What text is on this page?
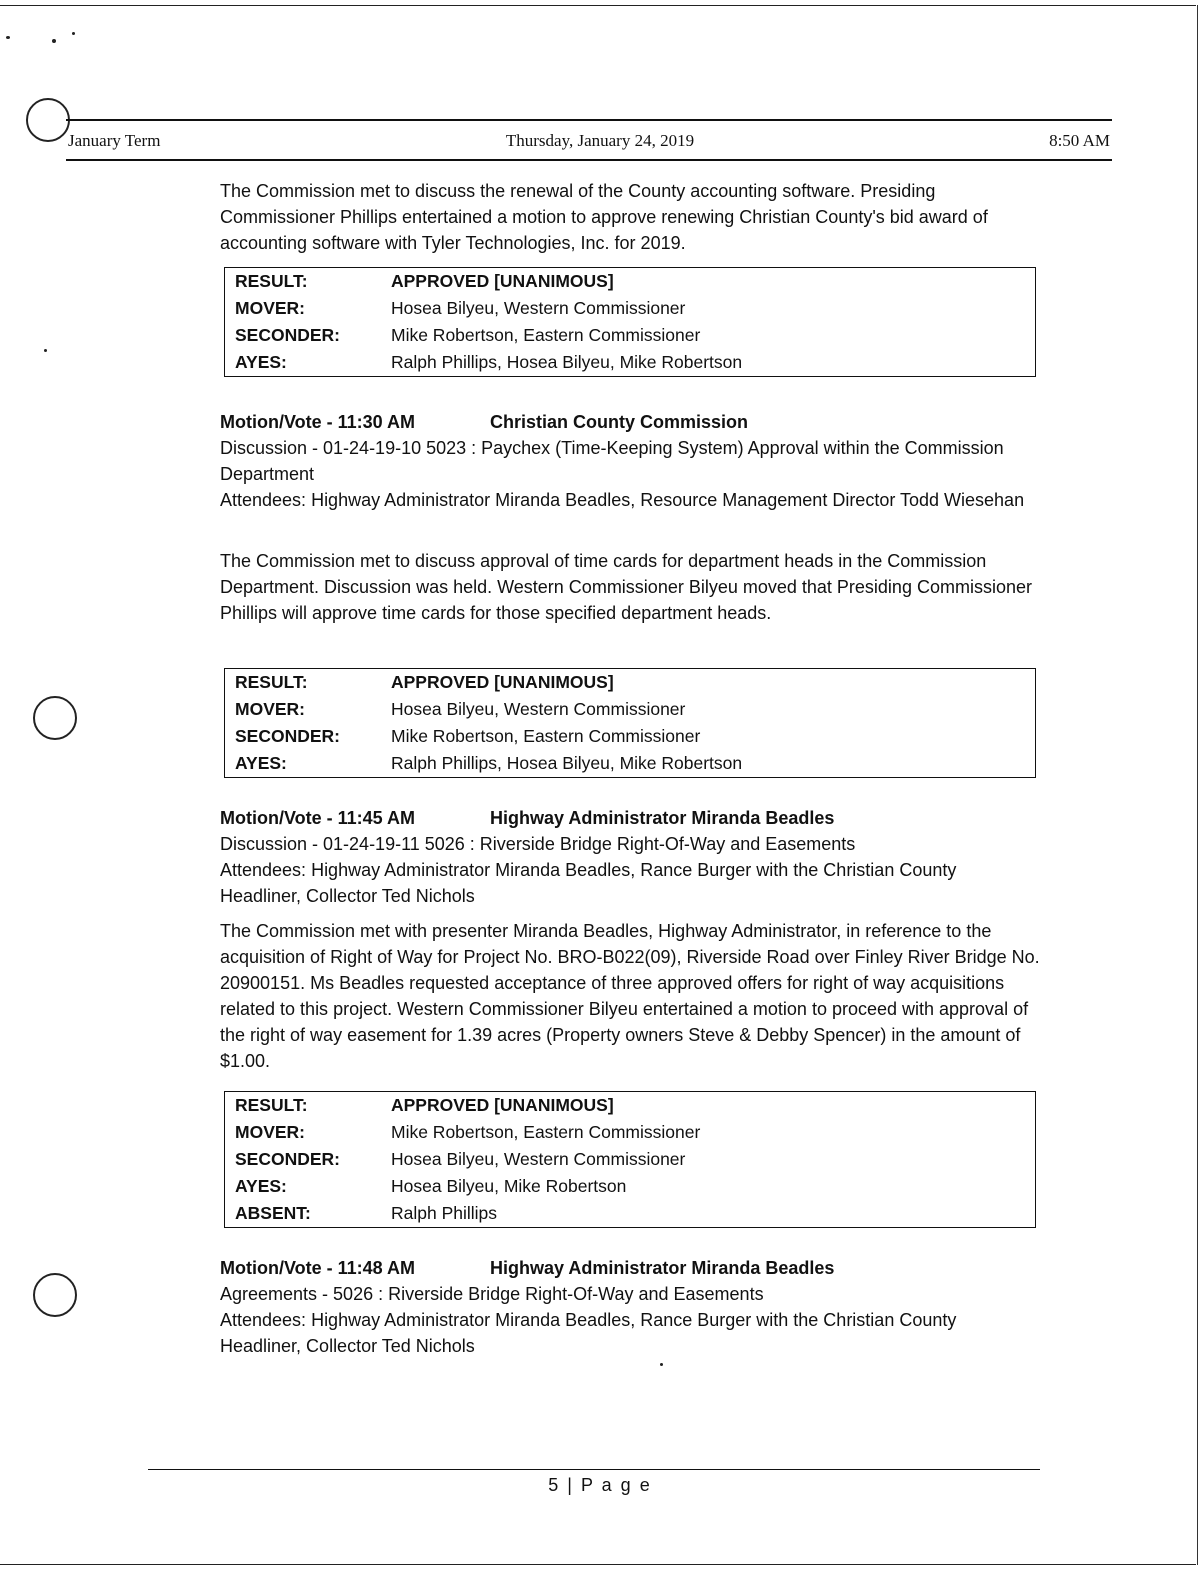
January Term	Thursday, January 24, 2019	8:50 AM

The Commission met to discuss the renewal of the County accounting software. Presiding Commissioner Phillips entertained a motion to approve renewing Christian County's bid award of accounting software with Tyler Technologies, Inc. for 2019.

RESULT:	APPROVED [UNANIMOUS]
MOVER:	Hosea Bilyeu, Western Commissioner
SECONDER:	Mike Robertson, Eastern Commissioner
AYES:	Ralph Phillips, Hosea Bilyeu, Mike Robertson

Motion/Vote - 11:30 AM	Christian County Commission

Discussion - 01-24-19-10 5023 : Paychex (Time-Keeping System) Approval within the Commission Department

Attendees: Highway Administrator Miranda Beadles, Resource Management Director Todd Wiesehan

The Commission met to discuss approval of time cards for department heads in the Commission Department. Discussion was held. Western Commissioner Bilyeu moved that Presiding Commissioner Phillips will approve time cards for those specified department heads.

RESULT:	APPROVED [UNANIMOUS]
MOVER:	Hosea Bilyeu, Western Commissioner
SECONDER:	Mike Robertson, Eastern Commissioner
AYES:	Ralph Phillips, Hosea Bilyeu, Mike Robertson

Motion/Vote - 11:45 AM	Highway Administrator Miranda Beadles

Discussion - 01-24-19-11 5026 : Riverside Bridge Right-Of-Way and Easements

Attendees: Highway Administrator Miranda Beadles, Rance Burger with the Christian County Headliner, Collector Ted Nichols

The Commission met with presenter Miranda Beadles, Highway Administrator, in reference to the acquisition of Right of Way for Project No. BRO-B022(09), Riverside Road over Finley River Bridge No. 20900151. Ms Beadles requested acceptance of three approved offers for right of way acquisitions related to this project. Western Commissioner Bilyeu entertained a motion to proceed with approval of the right of way easement for 1.39 acres (Property owners Steve & Debby Spencer) in the amount of $1.00.

RESULT:	APPROVED [UNANIMOUS]
MOVER:	Mike Robertson, Eastern Commissioner
SECONDER:	Hosea Bilyeu, Western Commissioner
AYES:	Hosea Bilyeu, Mike Robertson
ABSENT:	Ralph Phillips

Motion/Vote - 11:48 AM	Highway Administrator Miranda Beadles

Agreements - 5026 : Riverside Bridge Right-Of-Way and Easements

Attendees: Highway Administrator Miranda Beadles, Rance Burger with the Christian County Headliner, Collector Ted Nichols

5 | P a g e
